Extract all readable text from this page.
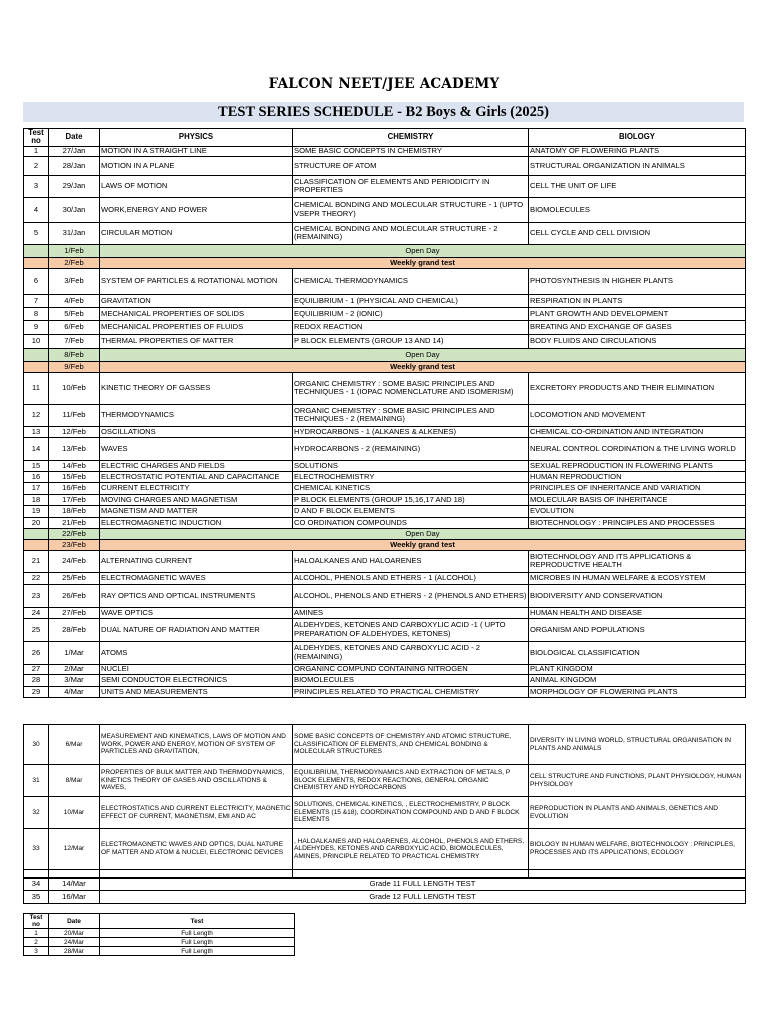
FALCON NEET/JEE ACADEMY
TEST SERIES SCHEDULE - B2 Boys & Girls (2025)
Test no	Date	PHYSICS	CHEMISTRY	BIOLOGY
1	27/Jan	MOTION IN A STRAIGHT LINE	SOME BASIC CONCEPTS IN CHEMISTRY	ANATOMY OF FLOWERING PLANTS
2	28/Jan	MOTION IN A PLANE	STRUCTURE OF ATOM	STRUCTURAL ORGANIZATION IN ANIMALS
3	29/Jan	LAWS OF MOTION	CLASSIFICATION OF ELEMENTS AND PERIODICITY IN PROPERTIES	CELL THE UNIT OF LIFE
4	30/Jan	WORK,ENERGY AND POWER	CHEMICAL BONDING AND MOLECULAR STRUCTURE - 1 (UPTO VSEPR THEORY)	BIOMOLECULES
5	31/Jan	CIRCULAR MOTION	CHEMICAL BONDING AND MOLECULAR STRUCTURE - 2 (REMAINING)	CELL CYCLE AND CELL DIVISION
	1/Feb	Open Day		
	2/Feb	Weekly grand test		
6	3/Feb	SYSTEM OF PARTICLES & ROTATIONAL MOTION	CHEMICAL THERMODYNAMICS	PHOTOSYNTHESIS IN HIGHER PLANTS
7	4/Feb	GRAVITATION	EQUILIBRIUM - 1 (PHYSICAL AND CHEMICAL)	RESPIRATION IN PLANTS
8	5/Feb	MECHANICAL PROPERTIES OF SOLIDS	EQUILIBRIUM - 2 (IONIC)	PLANT GROWTH AND DEVELOPMENT
9	6/Feb	MECHANICAL PROPERTIES OF FLUIDS	REDOX REACTION	BREATING AND EXCHANGE OF GASES
10	7/Feb	THERMAL PROPERTIES OF MATTER	P BLOCK ELEMENTS (GROUP 13 AND 14)	BODY FLUIDS AND CIRCULATIONS
	8/Feb	Open Day		
	9/Feb	Weekly grand test		
11	10/Feb	KINETIC THEORY OF GASSES	ORGANIC CHEMISTRY : SOME BASIC PRINCIPLES AND TECHNIQUES - 1 (IOPAC NOMENCLATURE AND ISOMERISM)	EXCRETORY PRODUCTS AND THEIR ELIMINATION
12	11/Feb	THERMODYNAMICS	ORGANIC CHEMISTRY : SOME BASIC PRINCIPLES AND TECHNIQUES - 2 (REMAINING)	LOCOMOTION AND MOVEMENT
13	12/Feb	OSCILLATIONS	HYDROCARBONS - 1 (ALKANES & ALKENES)	CHEMICAL CO-ORDINATION AND INTEGRATION
14	13/Feb	WAVES	HYDROCARBONS - 2 (REMAINING)	NEURAL CONTROL CORDINATION & THE LIVING WORLD
15	14/Feb	ELECTRIC CHARGES AND FIELDS	SOLUTIONS	SEXUAL REPRODUCTION IN FLOWERING PLANTS
16	15/Feb	ELECTROSTATIC POTENTIAL AND CAPACITANCE	ELECTROCHEMISTRY	HUMAN REPRODUCTION
17	16/Feb	CURRENT ELECTRICITY	CHEMICAL KINETICS	PRINCIPLES OF INHERITANCE AND VARIATION
18	17/Feb	MOVING CHARGES AND MAGNETISM	P BLOCK ELEMENTS (GROUP 15,16,17 AND 18)	MOLECULAR BASIS OF INHERITANCE
19	18/Feb	MAGNETISM AND MATTER	D AND F BLOCK ELEMENTS	EVOLUTION
20	21/Feb	ELECTROMAGNETIC INDUCTION	CO ORDINATION COMPOUNDS	BIOTECHNOLOGY : PRINCIPLES AND PROCESSES
	22/Feb	Open Day		
	23/Feb	Weekly grand test		
21	24/Feb	ALTERNATING CURRENT	HALOALKANES AND HALOARENES	BIOTECHNOLOGY AND ITS APPLICATIONS & REPRODUCTIVE HEALTH
22	25/Feb	ELECTROMAGNETIC WAVES	ALCOHOL, PHENOLS AND ETHERS - 1 (ALCOHOL)	MICROBES IN HUMAN WELFARE & ECOSYSTEM
23	26/Feb	RAY OPTICS AND OPTICAL INSTRUMENTS	ALCOHOL, PHENOLS AND ETHERS - 2 (PHENOLS AND ETHERS)	BIODIVERSITY AND CONSERVATION
24	27/Feb	WAVE OPTICS	AMINES	HUMAN HEALTH AND DISEASE
25	28/Feb	DUAL NATURE OF RADIATION AND MATTER	ALDEHYDES, KETONES AND CARBOXYLIC ACID -1 ( UPTO PREPARATION OF ALDEHYDES, KETONES)	ORGANISM AND POPULATIONS
26	1/Mar	ATOMS	ALDEHYDES, KETONES AND CARBOXYLIC ACID - 2 (REMAINING)	BIOLOGICAL CLASSIFICATION
27	2/Mar	NUCLEI	ORGANINC COMPUND CONTAINING NITROGEN	PLANT KINGDOM
28	3/Mar	SEMI CONDUCTOR ELECTRONICS	BIOMOLECULES	ANIMAL KINGDOM
29	4/Mar	UNITS AND MEASUREMENTS	PRINCIPLES RELATED TO PRACTICAL CHEMISTRY	MORPHOLOGY OF FLOWERING PLANTS
30	6/Mar	MEASUREMENT AND KINEMATICS, LAWS OF MOTION AND WORK, POWER AND ENERGY, MOTION OF SYSTEM OF PARTICLES AND GRAVITATION,	SOME BASIC CONCEPTS OF CHEMISTRY AND ATOMIC STRUCTURE, CLASSIFICATION OF ELEMENTS, AND CHEMICAL BONDING & MOLECULAR STRUCTURES	DIVERSITY IN LIVING WORLD, STRUCTURAL ORGANISATION IN PLANTS AND ANIMALS
31	8/Mar	PROPERTIES OF BULK MATTER AND THERMODYNAMICS, KINETICS THEORY OF GASES AND OSCILLATIONS & WAVES,	EQUILIBRIUM, THERMODYNAMICS AND EXTRACTION OF METALS, P BLOCK ELEMENTS, REDOX REACTIONS, GENERAL ORGANIC CHEMISTRY AND HYDROCARBONS	CELL STRUCTURE AND FUNCTIONS, PLANT PHYSIOLOGY, HUMAN PHYSIOLOGY
32	10/Mar	ELECTROSTATICS AND CURRENT ELECTRICITY, MAGNETIC EFFECT OF CURRENT, MAGNETISM, EMI AND AC	SOLUTIONS, CHEMICAL KINETICS, , ELECTROCHEMISTRY, P BLOCK ELEMENTS (15 &18), COORDINATION COMPOUND AND D AND F BLOCK ELEMENTS	REPRODUCTION IN PLANTS AND ANIMALS, GENETICS AND EVOLUTION
33	12/Mar	ELECTROMAGNETIC WAVES AND OPTICS, DUAL NATURE OF MATTER AND ATOM & NUCLEI, ELECTRONIC DEVICES	, HALOALKANES AND HALOARENES, ALCOHOL, PHENOLS AND ETHERS, ALDEHYDES, KETONES AND CARBOXYLIC ACID, BIOMOLECULES, AMINES, PRINCIPLE RELATED TO PRACTICAL CHEMISTRY	BIOLOGY IN HUMAN WELFARE, BIOTECHNOLOGY : PRINCIPLES, PROCESSES AND ITS APPLICATIONS, ECOLOGY

34	14/Mar	Grade 11 FULL LENGTH TEST
35	16/Mar	Grade 12 FULL LENGTH TEST
Test no	Date	Test
1	20/Mar	Full Length
2	24/Mar	Full Length
3	28/Mar	Full Length
